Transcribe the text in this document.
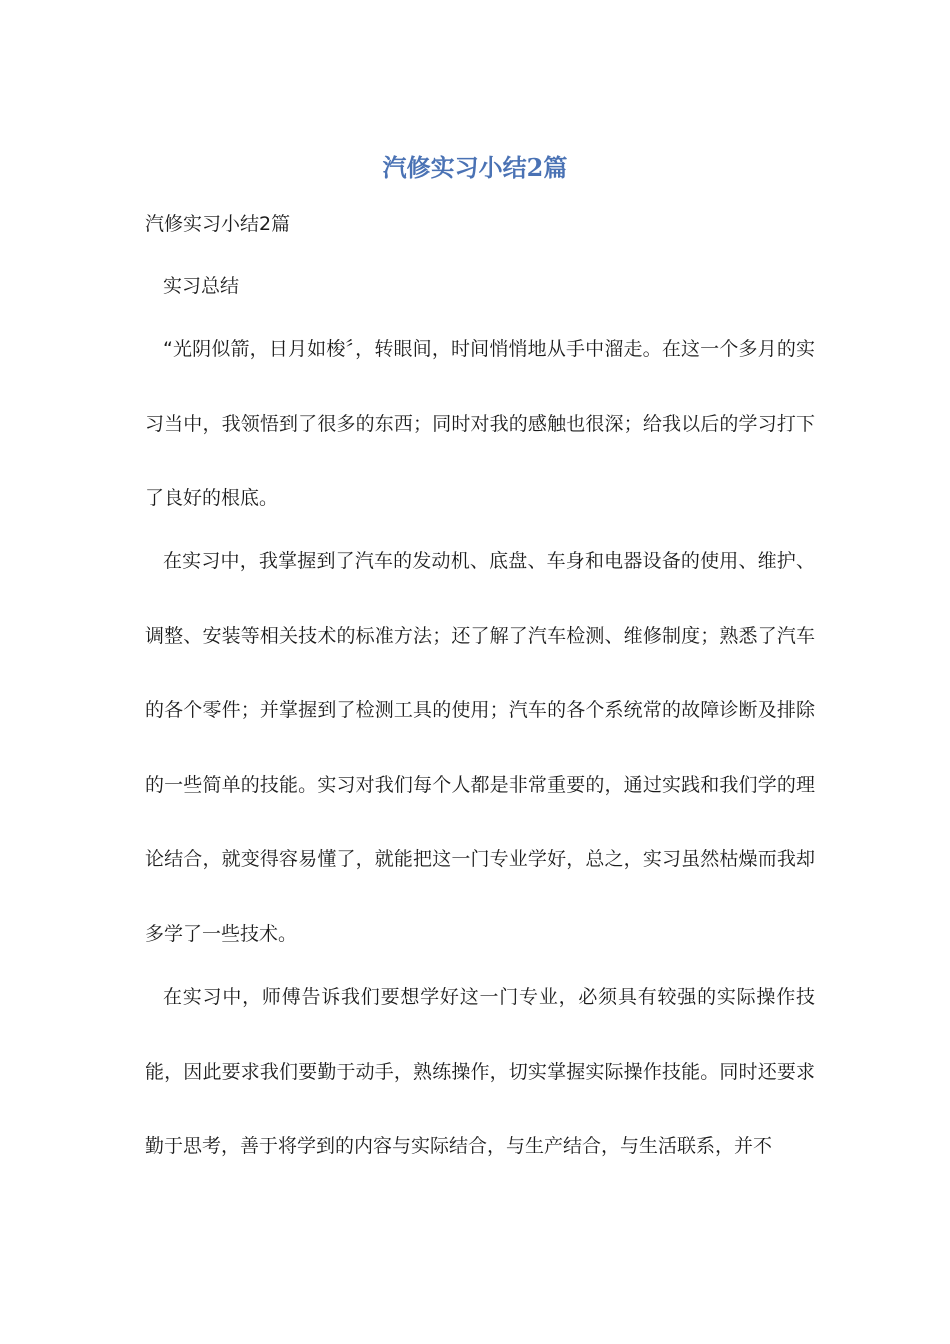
汽修实习小结2篇
汽修实习小结2篇
实习总结

“光阴似箭，日月如梭〞，转眼间，时间悄悄地从手中溜走。在这一个多月的实习当中，我领悟到了很多的东西；同时对我的感触也很深；给我以后的学习打下了良好的根底。

在实习中，我掌握到了汽车的发动机、底盘、车身和电器设备的使用、维护、调整、安装等相关技术的标准方法；还了解了汽车检测、维修制度；熟悉了汽车的各个零件；并掌握到了检测工具的使用；汽车的各个系统常的故障诊断及排除的一些简单的技能。实习对我们每个人都是非常重要的，通过实践和我们学的理论结合，就变得容易懂了，就能把这一门专业学好，总之，实习虽然枯燥而我却多学了一些技术。

在实习中，师傅告诉我们要想学好这一门专业，必须具有较强的实际操作技能，因此要求我们要勤于动手，熟练操作，切实掌握实际操作技能。同时还要求勤于思考，善于将学到的内容与实际结合，与生产结合，与生活联系，并不
